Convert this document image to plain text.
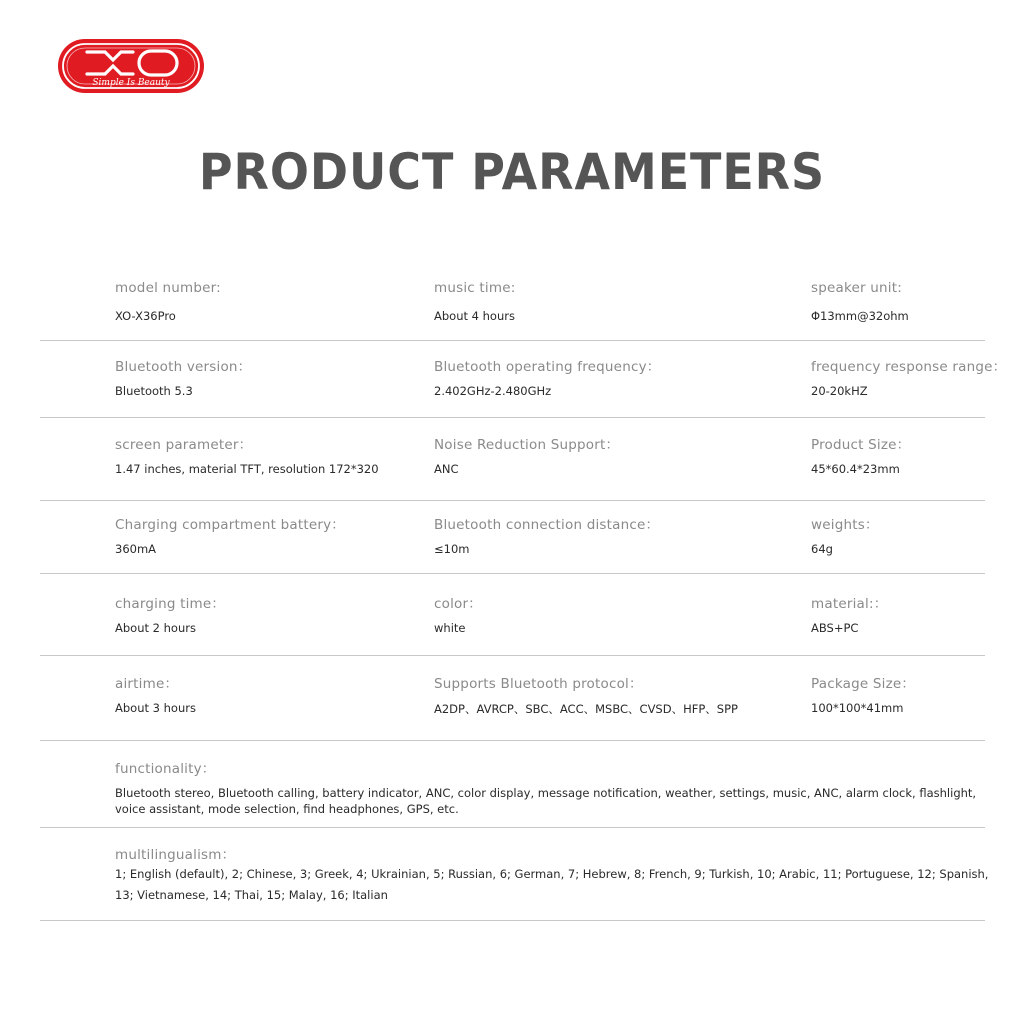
Simple Is Beauty
PRODUCT PARAMETERS
model number:
XO-X36Pro
music time:
About 4 hours
speaker unit:
Φ13mm@32ohm
Bluetooth version：
Bluetooth 5.3
Bluetooth operating frequency：
2.402GHz-2.480GHz
frequency response range：
20-20kHZ
screen parameter：
1.47 inches, material TFT, resolution 172*320
Noise Reduction Support：
ANC
Product Size：
45*60.4*23mm
Charging compartment battery：
360mA
Bluetooth connection distance：
≤10m
weights：
64g
charging time：
About 2 hours
color：
white
material:：
ABS+PC
airtime：
About 3 hours
Supports Bluetooth protocol：
A2DP、AVRCP、SBC、ACC、MSBC、CVSD、HFP、SPP
Package Size：
100*100*41mm
functionality：
Bluetooth stereo, Bluetooth calling, battery indicator, ANC, color display, message notification, weather, settings, music, ANC, alarm clock, flashlight, voice assistant, mode selection, find headphones, GPS, etc.
multilingualism：
1; English (default), 2; Chinese, 3; Greek, 4; Ukrainian, 5; Russian, 6; German, 7; Hebrew, 8; French, 9; Turkish, 10; Arabic, 11; Portuguese, 12; Spanish, 13; Vietnamese, 14; Thai, 15; Malay, 16; Italian
